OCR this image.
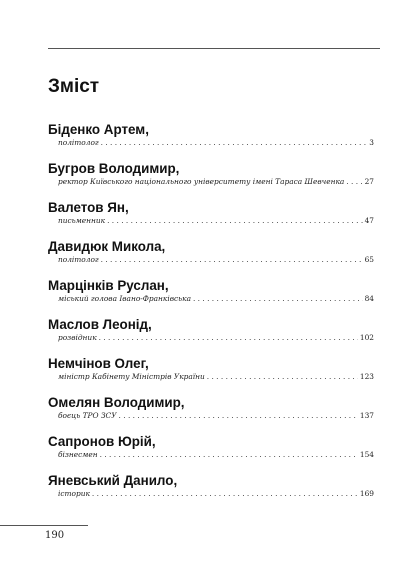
Зміст
Біденко Артем,
політолог . . .	3
Бугров Володимир,
ректор Київського національного університету імені Тараса Шевченка . . .	27
Валетов Ян,
письменник . . .	47
Давидюк Микола,
політолог . . .	65
Марцінків Руслан,
міський голова Івано-Франківська . . .	84
Маслов Леонід,
розвідник . . .	102
Немчінов Олег,
міністр Кабінету Міністрів України . . .	123
Омелян Володимир,
боєць ТРО ЗСУ . . .	137
Сапронов Юрій,
бізнесмен . . .	154
Яневський Данило,
історик . . .	169
190
